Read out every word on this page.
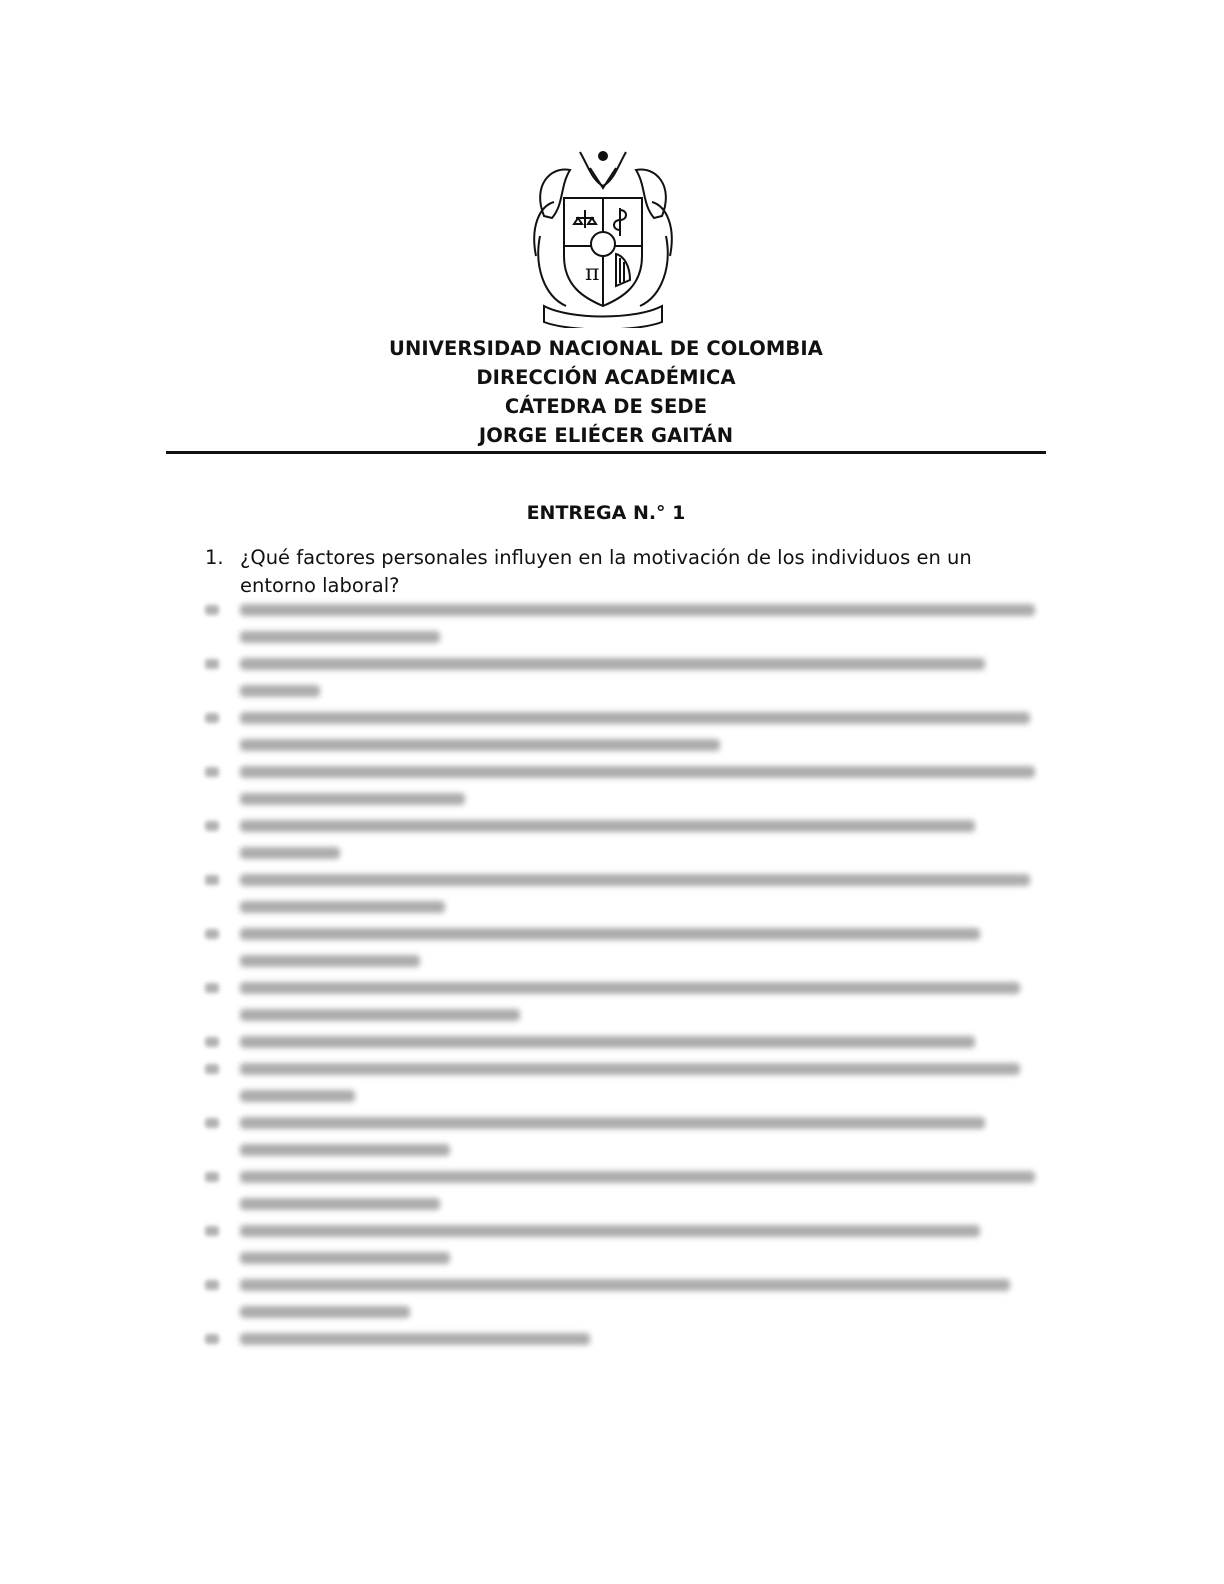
π
UNIVERSIDAD NACIONAL DE COLOMBIA
DIRECCIÓN ACADÉMICA
CÁTEDRA DE SEDE
JORGE ELIÉCER GAITÁN
ENTREGA N.° 1
1. ¿Qué factores personales influyen en la motivación de los individuos en un entorno laboral?
